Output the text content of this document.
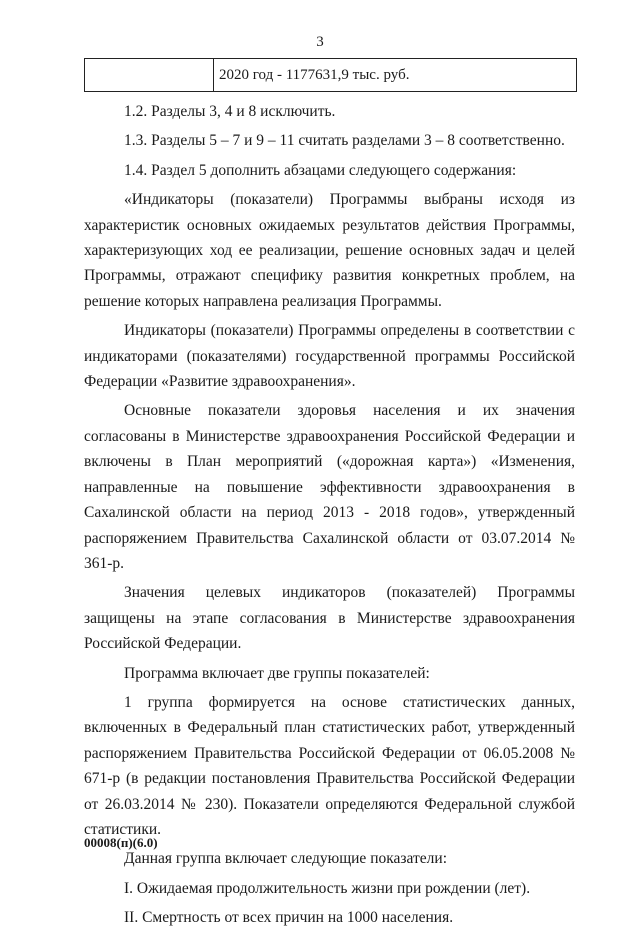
3
2020 год - 1177631,9 тыс. руб.

1.2. Разделы 3, 4 и 8 исключить.

1.3. Разделы 5 – 7 и 9 – 11 считать разделами 3 – 8 соответственно.

1.4. Раздел 5 дополнить абзацами следующего содержания:

«Индикаторы (показатели) Программы выбраны исходя из характеристик основных ожидаемых результатов действия Программы, характеризующих ход ее реализации, решение основных задач и целей Программы, отражают специфику развития конкретных проблем, на решение которых направлена реализация Программы.

Индикаторы (показатели) Программы определены в соответствии с индикаторами (показателями) государственной программы Российской Федерации «Развитие здравоохранения».

Основные показатели здоровья населения и их значения согласованы в Министерстве здравоохранения Российской Федерации и включены в План мероприятий («дорожная карта») «Изменения, направленные на повышение эффективности здравоохранения в Сахалинской области на период 2013 - 2018 годов», утвержденный распоряжением Правительства Сахалинской области от 03.07.2014 № 361-р.

Значения целевых индикаторов (показателей) Программы защищены на этапе согласования в Министерстве здравоохранения Российской Федерации.

Программа включает две группы показателей:

1 группа формируется на основе статистических данных, включенных в Федеральный план статистических работ, утвержденный распоряжением Правительства Российской Федерации от 06.05.2008 № 671-р (в редакции постановления Правительства Российской Федерации от 26.03.2014 № 230). Показатели определяются Федеральной службой статистики.

Данная группа включает следующие показатели:

I. Ожидаемая продолжительность жизни при рождении (лет).

II. Смертность от всех причин на 1000 населения.

00008(п)(6.0)
